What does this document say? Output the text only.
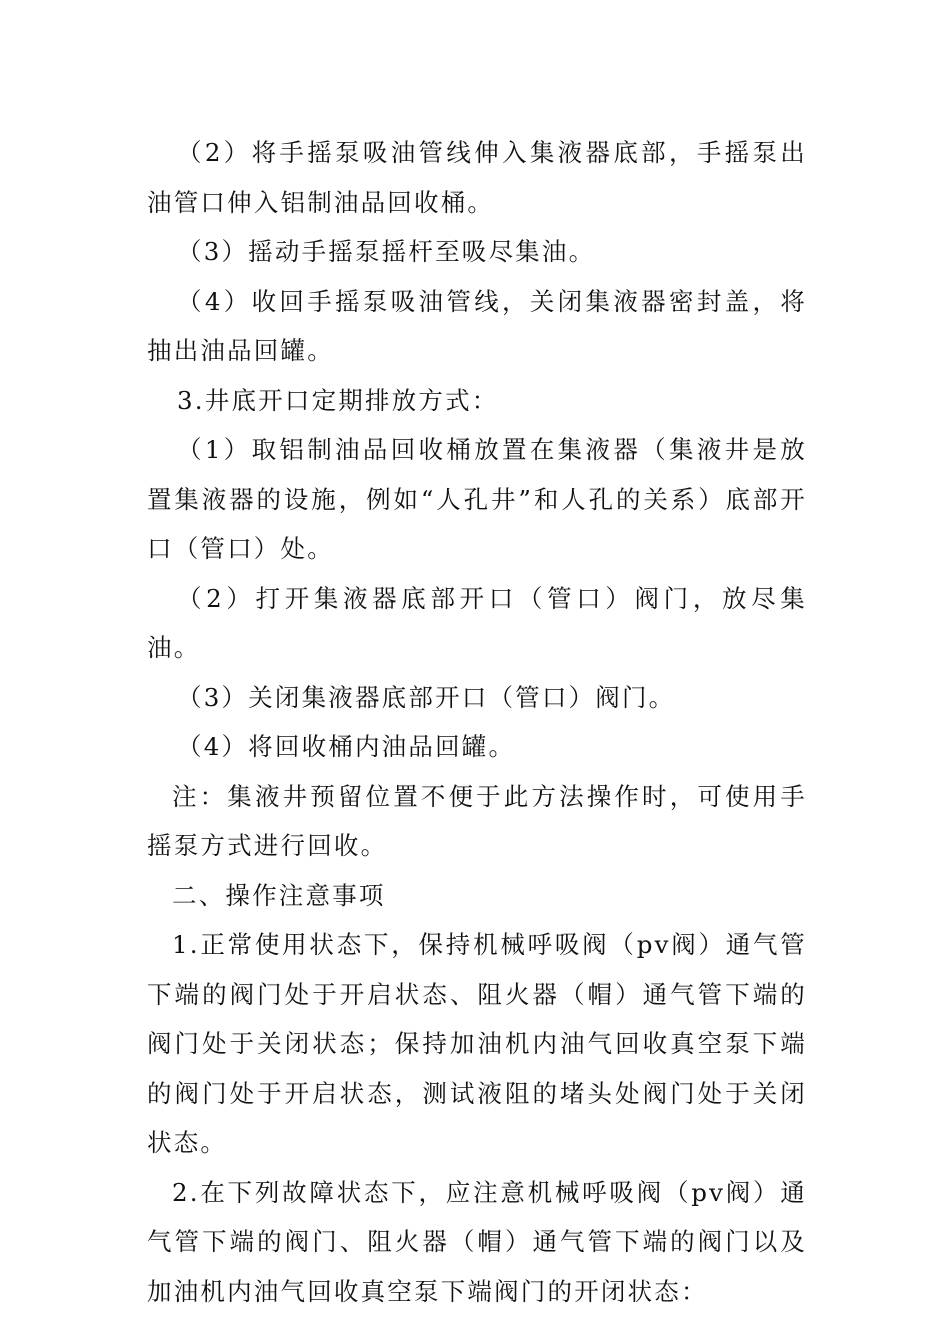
（2）将手摇泵吸油管线伸入集液器底部，手摇泵出油管口伸入铝制油品回收桶。

（3）摇动手摇泵摇杆至吸尽集油。

（4）收回手摇泵吸油管线，关闭集液器密封盖，将抽出油品回罐。

3.井底开口定期排放方式：

（1）取铝制油品回收桶放置在集液器（集液井是放置集液器的设施，例如“人孔井”和人孔的关系）底部开口（管口）处。

（2）打开集液器底部开口（管口）阀门，放尽集油。

（3）关闭集液器底部开口（管口）阀门。

（4）将回收桶内油品回罐。

注：集液井预留位置不便于此方法操作时，可使用手摇泵方式进行回收。

二、操作注意事项

1.正常使用状态下，保持机械呼吸阀（pv阀）通气管下端的阀门处于开启状态、阻火器（帽）通气管下端的阀门处于关闭状态；保持加油机内油气回收真空泵下端的阀门处于开启状态，测试液阻的堵头处阀门处于关闭状态。

2.在下列故障状态下，应注意机械呼吸阀（pv阀）通气管下端的阀门、阻火器（帽）通气管下端的阀门以及加油机内油气回收真空泵下端阀门的开闭状态：
